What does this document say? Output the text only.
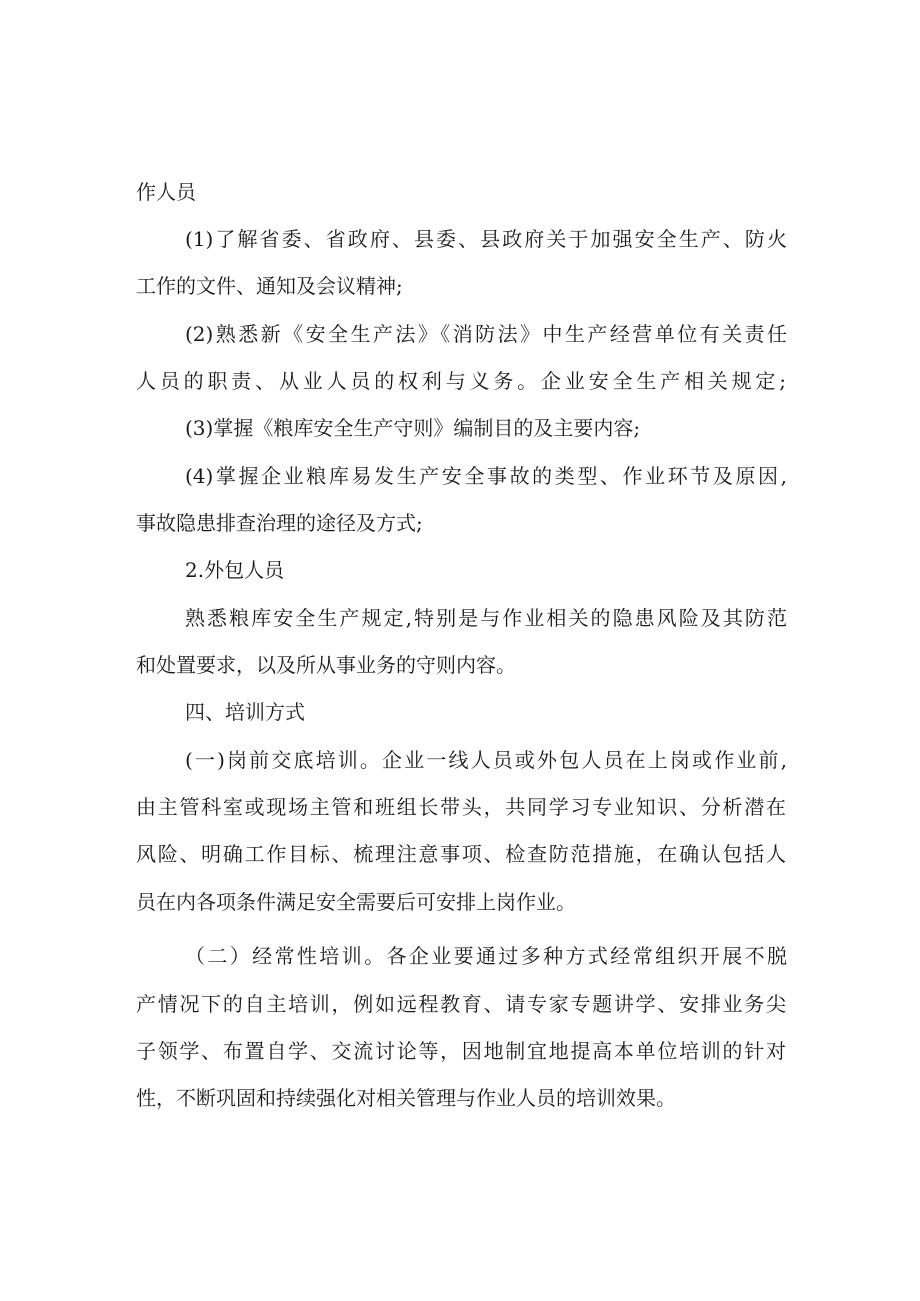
作人员
(1)了解省委、省政府、县委、县政府关于加强安全生产、防火
工作的文件、通知及会议精神;
(2)熟悉新《安全生产法》《消防法》中生产经营单位有关责任
人员的职责、从业人员的权利与义务。企业安全生产相关规定;
(3)掌握《粮库安全生产守则》编制目的及主要内容;
(4)掌握企业粮库易发生产安全事故的类型、作业环节及原因,
事故隐患排查治理的途径及方式;
2.外包人员
熟悉粮库安全生产规定,特别是与作业相关的隐患风险及其防范
和处置要求，以及所从事业务的守则内容。
四、培训方式
(一)岗前交底培训。企业一线人员或外包人员在上岗或作业前,
由主管科室或现场主管和班组长带头，共同学习专业知识、分析潜在
风险、明确工作目标、梳理注意事项、检查防范措施，在确认包括人
员在内各项条件满足安全需要后可安排上岗作业。
（二）经常性培训。各企业要通过多种方式经常组织开展不脱
产情况下的自主培训，例如远程教育、请专家专题讲学、安排业务尖
子领学、布置自学、交流讨论等，因地制宜地提高本单位培训的针对
性，不断巩固和持续强化对相关管理与作业人员的培训效果。
